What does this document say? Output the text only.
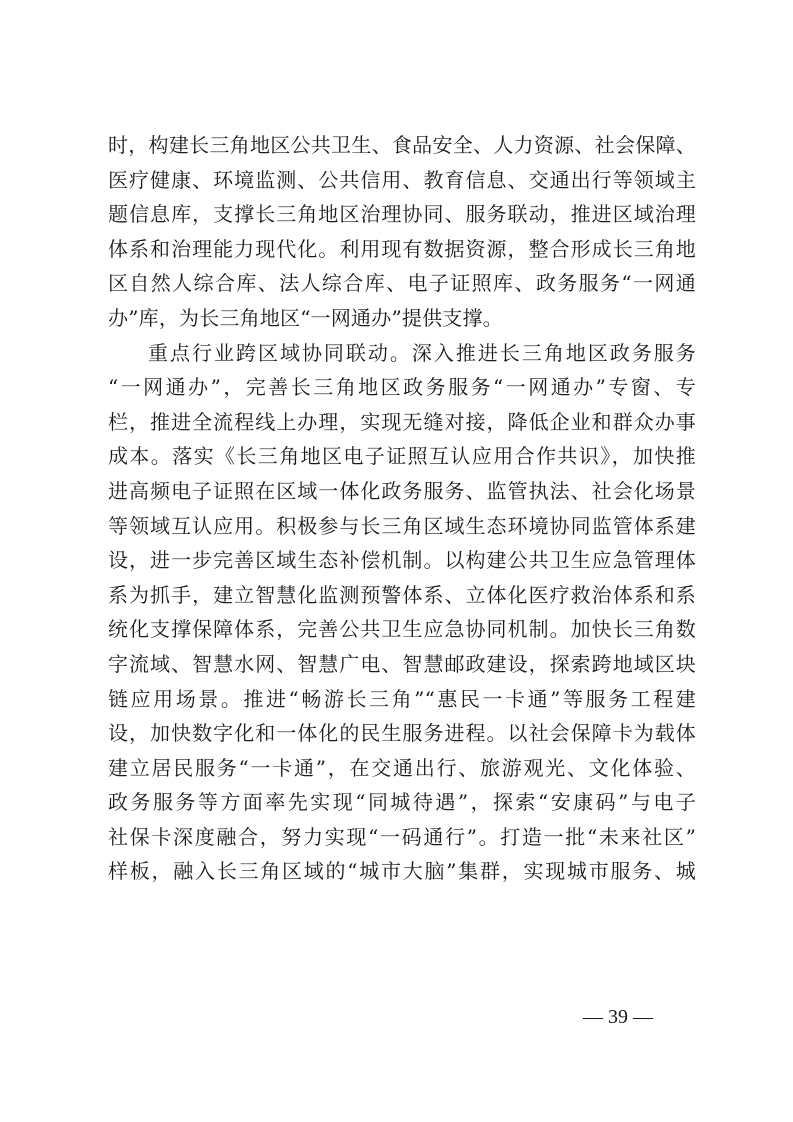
时，构建长三角地区公共卫生、食品安全、人力资源、社会保障、
医疗健康、环境监测、公共信用、教育信息、交通出行等领域主
题信息库，支撑长三角地区治理协同、服务联动，推进区域治理
体系和治理能力现代化。利用现有数据资源，整合形成长三角地
区自然人综合库、法人综合库、电子证照库、政务服务“一网通
办”库，为长三角地区“一网通办”提供支撑。
重点行业跨区域协同联动。深入推进长三角地区政务服务
“一网通办”，完善长三角地区政务服务“一网通办”专窗、专
栏，推进全流程线上办理，实现无缝对接，降低企业和群众办事
成本。落实《长三角地区电子证照互认应用合作共识》，加快推
进高频电子证照在区域一体化政务服务、监管执法、社会化场景
等领域互认应用。积极参与长三角区域生态环境协同监管体系建
设，进一步完善区域生态补偿机制。以构建公共卫生应急管理体
系为抓手，建立智慧化监测预警体系、立体化医疗救治体系和系
统化支撑保障体系，完善公共卫生应急协同机制。加快长三角数
字流域、智慧水网、智慧广电、智慧邮政建设，探索跨地域区块
链应用场景。推进“畅游长三角”“惠民一卡通”等服务工程建
设，加快数字化和一体化的民生服务进程。以社会保障卡为载体
建立居民服务“一卡通”，在交通出行、旅游观光、文化体验、
政务服务等方面率先实现“同城待遇”，探索“安康码”与电子
社保卡深度融合，努力实现“一码通行”。打造一批“未来社区”
样板，融入长三角区域的“城市大脑”集群，实现城市服务、城
— 39 —
